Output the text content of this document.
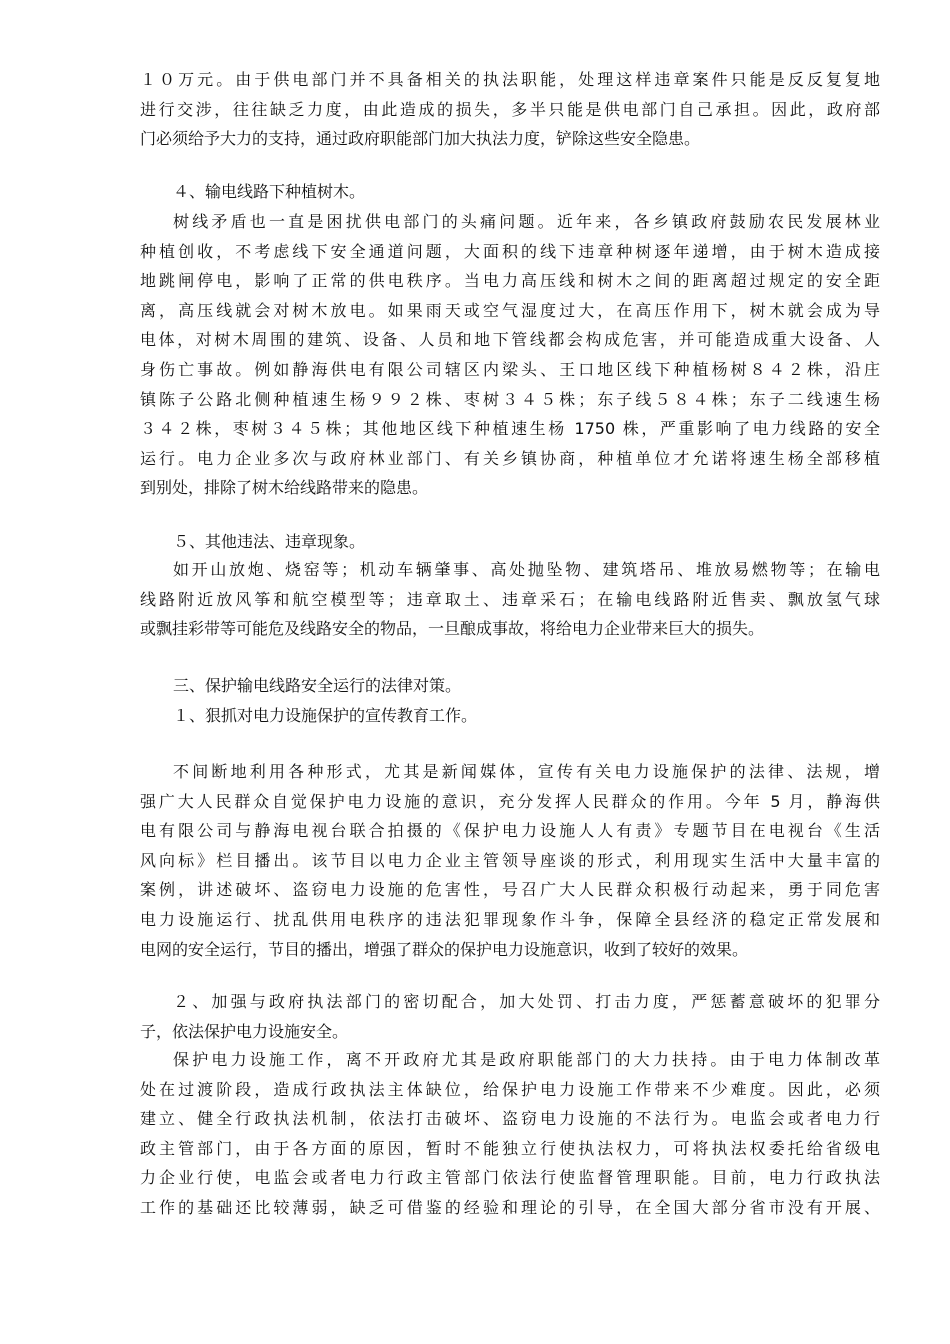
１０万元。由于供电部门并不具备相关的执法职能，处理这样违章案件只能是反反复复地
进行交涉，往往缺乏力度，由此造成的损失，多半只能是供电部门自己承担。因此，政府部
门必须给予大力的支持，通过政府职能部门加大执法力度，铲除这些安全隐患。
４、输电线路下种植树木。
树线矛盾也一直是困扰供电部门的头痛问题。近年来，各乡镇政府鼓励农民发展林业
种植创收，不考虑线下安全通道问题，大面积的线下违章种树逐年递增，由于树木造成接
地跳闸停电，影响了正常的供电秩序。当电力高压线和树木之间的距离超过规定的安全距
离，高压线就会对树木放电。如果雨天或空气湿度过大，在高压作用下，树木就会成为导
电体，对树木周围的建筑、设备、人员和地下管线都会构成危害，并可能造成重大设备、人
身伤亡事故。例如静海供电有限公司辖区内梁头、王口地区线下种植杨树８４２株，沿庄
镇陈子公路北侧种植速生杨９９２株、枣树３４５株；东子线５８４株；东子二线速生杨
３４２株，枣树３４５株；其他地区线下种植速生杨 1750 株，严重影响了电力线路的安全
运行。电力企业多次与政府林业部门、有关乡镇协商，种植单位才允诺将速生杨全部移植
到别处，排除了树木给线路带来的隐患。
５、其他违法、违章现象。
如开山放炮、烧窑等；机动车辆肇事、高处抛坠物、建筑塔吊、堆放易燃物等；在输电
线路附近放风筝和航空模型等；违章取土、违章采石；在输电线路附近售卖、飘放氢气球
或飘挂彩带等可能危及线路安全的物品，一旦酿成事故，将给电力企业带来巨大的损失。
三、保护输电线路安全运行的法律对策。
１、狠抓对电力设施保护的宣传教育工作。
不间断地利用各种形式，尤其是新闻媒体，宣传有关电力设施保护的法律、法规，增
强广大人民群众自觉保护电力设施的意识，充分发挥人民群众的作用。今年 5 月，静海供
电有限公司与静海电视台联合拍摄的《保护电力设施人人有责》专题节目在电视台《生活
风向标》栏目播出。该节目以电力企业主管领导座谈的形式，利用现实生活中大量丰富的
案例，讲述破坏、盗窃电力设施的危害性，号召广大人民群众积极行动起来，勇于同危害
电力设施运行、扰乱供用电秩序的违法犯罪现象作斗争，保障全县经济的稳定正常发展和
电网的安全运行，节目的播出，增强了群众的保护电力设施意识，收到了较好的效果。
２、加强与政府执法部门的密切配合，加大处罚、打击力度，严惩蓄意破坏的犯罪分
子，依法保护电力设施安全。
保护电力设施工作，离不开政府尤其是政府职能部门的大力扶持。由于电力体制改革
处在过渡阶段，造成行政执法主体缺位，给保护电力设施工作带来不少难度。因此，必须
建立、健全行政执法机制，依法打击破坏、盗窃电力设施的不法行为。电监会或者电力行
政主管部门，由于各方面的原因，暂时不能独立行使执法权力，可将执法权委托给省级电
力企业行使，电监会或者电力行政主管部门依法行使监督管理职能。目前，电力行政执法
工作的基础还比较薄弱，缺乏可借鉴的经验和理论的引导，在全国大部分省市没有开展、
